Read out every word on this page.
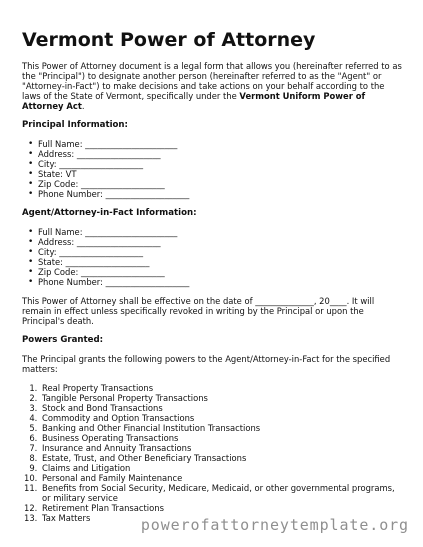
Vermont Power of Attorney

This Power of Attorney document is a legal form that allows you (hereinafter referred to as the "Principal") to designate another person (hereinafter referred to as the "Agent" or "Attorney-in-Fact") to make decisions and take actions on your behalf according to the laws of the State of Vermont, specifically under the Vermont Uniform Power of Attorney Act.

Principal Information:
• Full Name: ______________________
• Address: ____________________
• City: ____________________
• State: VT
• Zip Code: ____________________
• Phone Number: ____________________
Agent/Attorney-in-Fact Information:
• Full Name: ______________________
• Address: ____________________
• City: ____________________
• State: ____________________
• Zip Code: ____________________
• Phone Number: ____________________

This Power of Attorney shall be effective on the date of ______________, 20____. It will remain in effect unless specifically revoked in writing by the Principal or upon the Principal's death.

Powers Granted:

The Principal grants the following powers to the Agent/Attorney-in-Fact for the specified matters:

1. Real Property Transactions
2. Tangible Personal Property Transactions
3. Stock and Bond Transactions
4. Commodity and Option Transactions
5. Banking and Other Financial Institution Transactions
6. Business Operating Transactions
7. Insurance and Annuity Transactions
8. Estate, Trust, and Other Beneficiary Transactions
9. Claims and Litigation
10. Personal and Family Maintenance
11. Benefits from Social Security, Medicare, Medicaid, or other governmental programs, or military service
12. Retirement Plan Transactions
13. Tax Matters	powerofattorneytemplate.org
